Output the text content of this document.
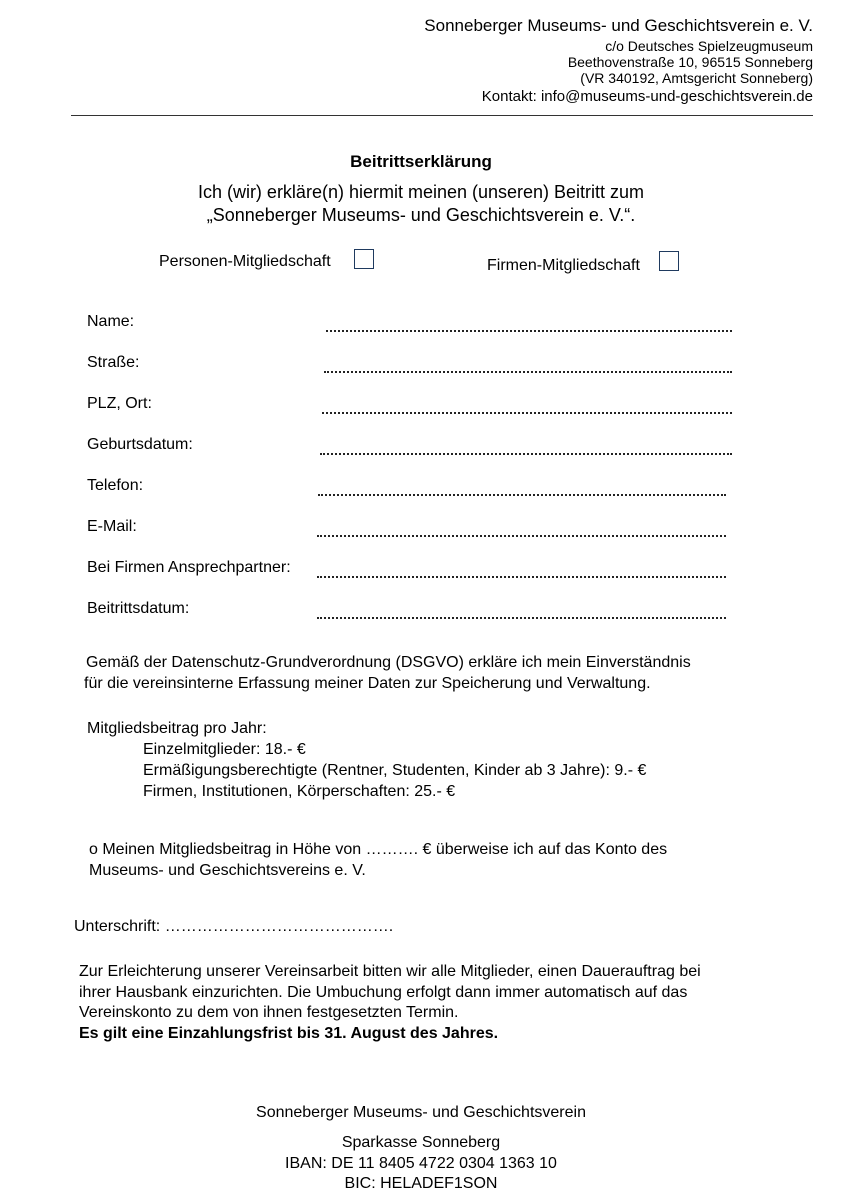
Sonneberger Museums- und Geschichtsverein e. V.
c/o Deutsches Spielzeugmuseum
Beethovenstraße 10, 96515 Sonneberg
(VR 340192, Amtsgericht Sonneberg)
Kontakt: info@museums-und-geschichtsverein.de
Beitrittserklärung
Ich (wir) erkläre(n) hiermit meinen (unseren) Beitritt zum
„Sonneberger Museums- und Geschichtsverein e. V.“.
Personen-Mitgliedschaft	Firmen-Mitgliedschaft
Name:
Straße:
PLZ, Ort:
Geburtsdatum:
Telefon:
E-Mail:
Bei Firmen Ansprechpartner:
Beitrittsdatum:
Gemäß der Datenschutz-Grundverordnung (DSGVO) erkläre ich mein Einverständnis
für die vereinsinterne Erfassung meiner Daten zur Speicherung und Verwaltung.
Mitgliedsbeitrag pro Jahr:
Einzelmitglieder: 18.- €
Ermäßigungsberechtigte (Rentner, Studenten, Kinder ab 3 Jahre): 9.- €
Firmen, Institutionen, Körperschaften: 25.- €
o Meinen Mitgliedsbeitrag in Höhe von ………. € überweise ich auf das Konto des
Museums- und Geschichtsvereins e. V.
Unterschrift: …………………………………….
Zur Erleichterung unserer Vereinsarbeit bitten wir alle Mitglieder, einen Dauerauftrag bei
ihrer Hausbank einzurichten. Die Umbuchung erfolgt dann immer automatisch auf das
Vereinskonto zu dem von ihnen festgesetzten Termin.
Es gilt eine Einzahlungsfrist bis 31. August des Jahres.
Sonneberger Museums- und Geschichtsverein
Sparkasse Sonneberg
IBAN: DE 11 8405 4722 0304 1363 10
BIC: HELADEF1SON
